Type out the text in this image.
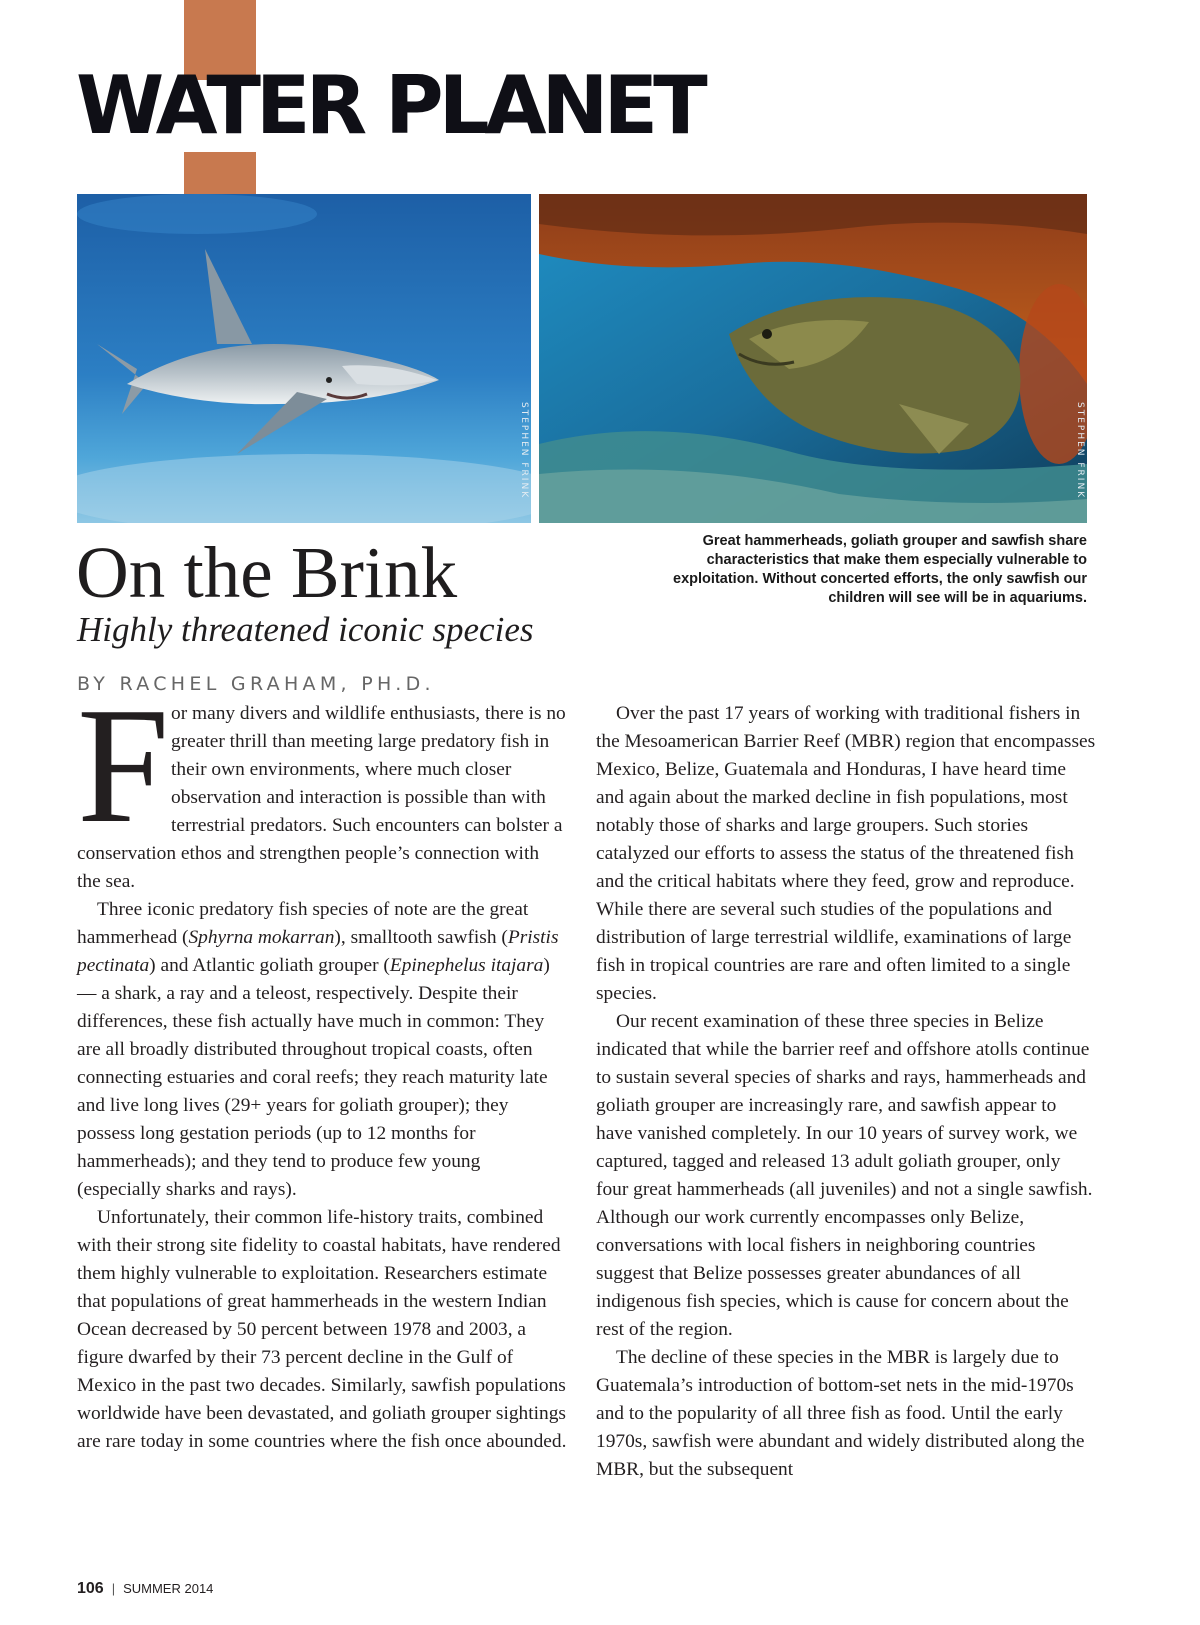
WATER PLANET
STEPHEN FRINK	STEPHEN FRINK

Great hammerheads, goliath grouper and sawfish share characteristics that make them especially vulnerable to exploitation. Without concerted efforts, the only sawfish our children will see will be in aquariums.

On the Brink
Highly threatened iconic species
BY RACHEL GRAHAM, PH.D.

F or many divers and wildlife enthusiasts, there is no greater thrill than meeting large predatory fish in their own environments, where much closer observation and interaction is possible than with terrestrial predators. Such encounters can bolster a conservation ethos and strengthen people’s connection with the sea.

Three iconic predatory fish species of note are the great hammerhead (Sphyrna mokarran), smalltooth sawfish (Pristis pectinata) and Atlantic goliath grouper (Epinephelus itajara) — a shark, a ray and a teleost, respectively. Despite their differences, these fish actually have much in common: They are all broadly distributed throughout tropical coasts, often connecting estuaries and coral reefs; they reach maturity late and live long lives (29+ years for goliath grouper); they possess long gestation periods (up to 12 months for hammerheads); and they tend to produce few young (especially sharks and rays).

Unfortunately, their common life-history traits, combined with their strong site fidelity to coastal habitats, have rendered them highly vulnerable to exploitation. Researchers estimate that populations of great hammerheads in the western Indian Ocean decreased by 50 percent between 1978 and 2003, a figure dwarfed by their 73 percent decline in the Gulf of Mexico in the past two decades. Similarly, sawfish populations worldwide have been devastated, and goliath grouper sightings are rare today in some countries where the fish once abounded.

Over the past 17 years of working with traditional fishers in the Mesoamerican Barrier Reef (MBR) region that encompasses Mexico, Belize, Guatemala and Honduras, I have heard time and again about the marked decline in fish populations, most notably those of sharks and large groupers. Such stories catalyzed our efforts to assess the status of the threatened fish and the critical habitats where they feed, grow and reproduce. While there are several such studies of the populations and distribution of large terrestrial wildlife, examinations of large fish in tropical countries are rare and often limited to a single species.

Our recent examination of these three species in Belize indicated that while the barrier reef and offshore atolls continue to sustain several species of sharks and rays, hammerheads and goliath grouper are increasingly rare, and sawfish appear to have vanished completely. In our 10 years of survey work, we captured, tagged and released 13 adult goliath grouper, only four great hammerheads (all juveniles) and not a single sawfish. Although our work currently encompasses only Belize, conversations with local fishers in neighboring countries suggest that Belize possesses greater abundances of all indigenous fish species, which is cause for concern about the rest of the region.

The decline of these species in the MBR is largely due to Guatemala’s introduction of bottom-set nets in the mid-1970s and to the popularity of all three fish as food. Until the early 1970s, sawfish were abundant and widely distributed along the MBR, but the subsequent

106 | SUMMER 2014
